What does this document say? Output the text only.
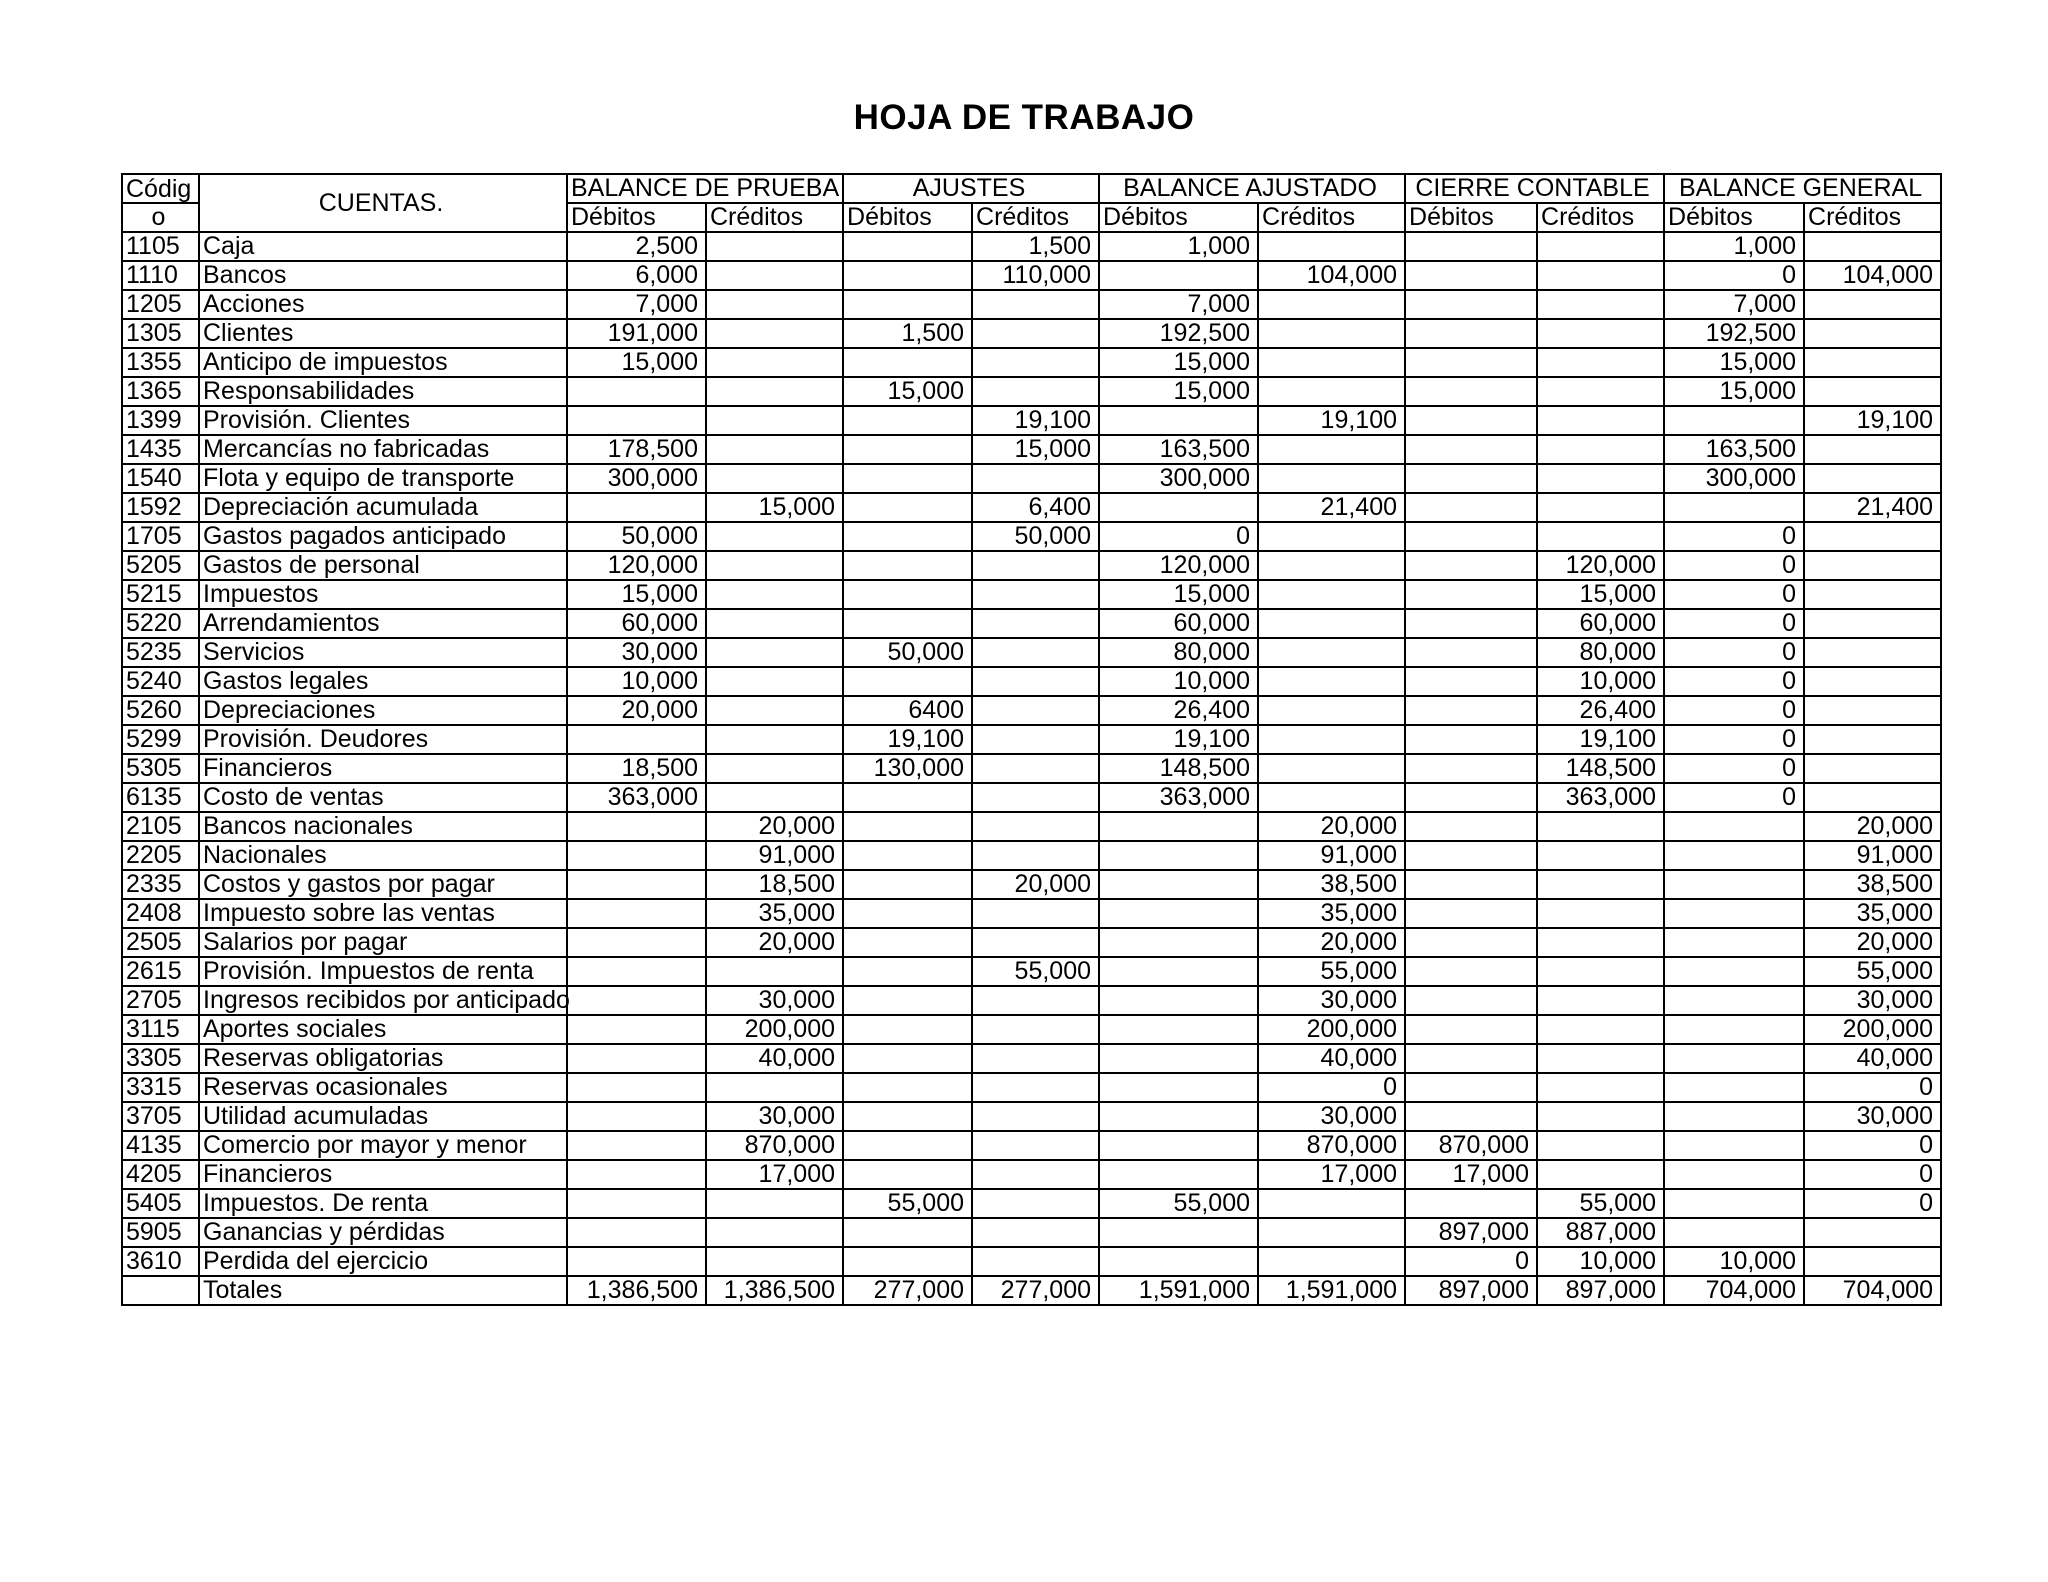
HOJA DE TRABAJO
Códig	CUENTAS.	BALANCE DE PRUEBA		AJUSTES		BALANCE AJUSTADO		CIERRE CONTABLE		BALANCE GENERAL	
o		Débitos	Créditos	Débitos	Créditos	Débitos	Créditos	Débitos	Créditos	Débitos	Créditos
1105	Caja	2,500			1,500	1,000				1,000	
1110	Bancos	6,000			110,000		104,000			0	104,000
1205	Acciones	7,000				7,000				7,000	
1305	Clientes	191,000		1,500		192,500				192,500	
1355	Anticipo de impuestos	15,000				15,000				15,000	
1365	Responsabilidades			15,000		15,000				15,000	
1399	Provisión. Clientes				19,100		19,100				19,100
1435	Mercancías no fabricadas	178,500			15,000	163,500				163,500	
1540	Flota y equipo de transporte	300,000				300,000				300,000	
1592	Depreciación acumulada		15,000		6,400		21,400				21,400
1705	Gastos pagados anticipado	50,000			50,000	0				0	
5205	Gastos de personal	120,000				120,000			120,000	0	
5215	Impuestos	15,000				15,000			15,000	0	
5220	Arrendamientos	60,000				60,000			60,000	0	
5235	Servicios	30,000		50,000		80,000			80,000	0	
5240	Gastos legales	10,000				10,000			10,000	0	
5260	Depreciaciones	20,000		6400		26,400			26,400	0	
5299	Provisión. Deudores			19,100		19,100			19,100	0	
5305	Financieros	18,500		130,000		148,500			148,500	0	
6135	Costo de ventas	363,000				363,000			363,000	0	
2105	Bancos nacionales		20,000				20,000				20,000
2205	Nacionales		91,000				91,000				91,000
2335	Costos y gastos por pagar		18,500		20,000		38,500				38,500
2408	Impuesto sobre las ventas		35,000				35,000				35,000
2505	Salarios por pagar		20,000				20,000				20,000
2615	Provisión. Impuestos de renta				55,000		55,000				55,000
2705	Ingresos recibidos por anticipado		30,000				30,000				30,000
3115	Aportes sociales		200,000				200,000				200,000
3305	Reservas obligatorias		40,000				40,000				40,000
3315	Reservas ocasionales						0				0
3705	Utilidad acumuladas		30,000				30,000				30,000
4135	Comercio por mayor y menor		870,000				870,000	870,000			0
4205	Financieros		17,000				17,000	17,000			0
5405	Impuestos. De renta			55,000		55,000			55,000		0
5905	Ganancias y pérdidas							897,000	887,000		
3610	Perdida del ejercicio							0	10,000	10,000	
	Totales	1,386,500	1,386,500	277,000	277,000	1,591,000	1,591,000	897,000	897,000	704,000	704,000
